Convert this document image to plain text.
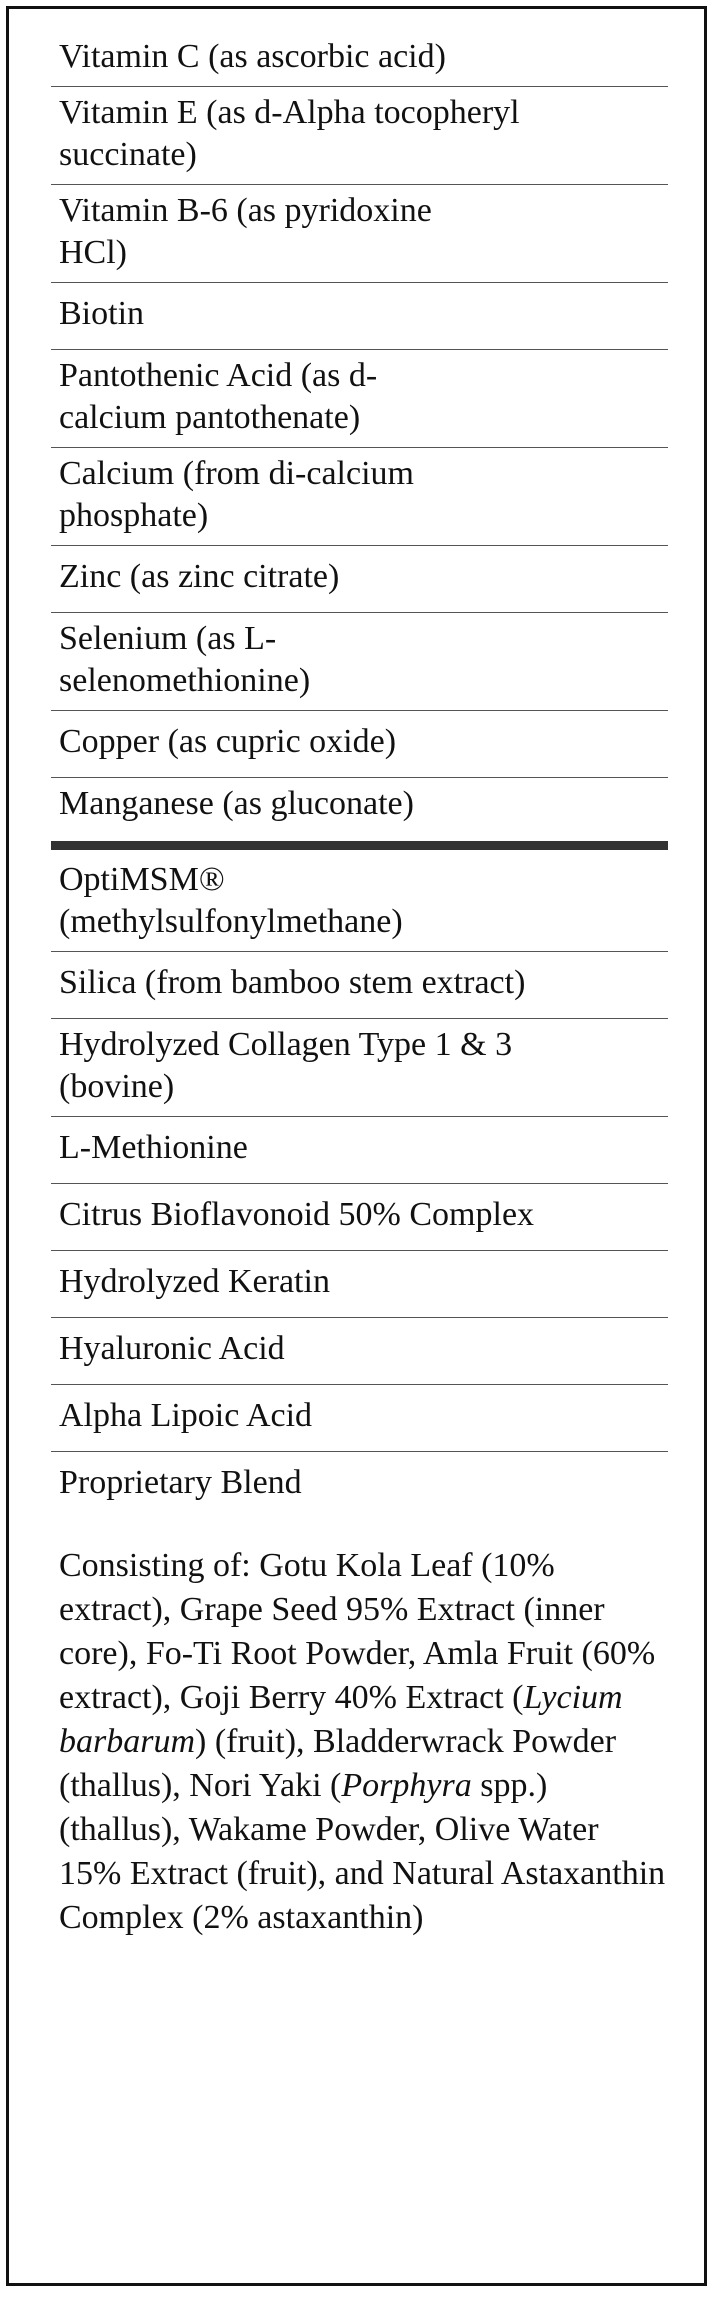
Vitamin C (as ascorbic acid)
Vitamin E (as d-Alpha tocopheryl succinate)
Vitamin B-6 (as pyridoxine HCl)
Biotin
Pantothenic Acid (as d-calcium pantothenate)
Calcium (from di-calcium phosphate)
Zinc (as zinc citrate)
Selenium (as L-selenomethionine)
Copper (as cupric oxide)
Manganese (as gluconate)
OptiMSM® (methylsulfonylmethane)
Silica (from bamboo stem extract)
Hydrolyzed Collagen Type 1 & 3 (bovine)
L-Methionine
Citrus Bioflavonoid 50% Complex
Hydrolyzed Keratin
Hyaluronic Acid
Alpha Lipoic Acid
Proprietary Blend
Consisting of: Gotu Kola Leaf (10% extract), Grape Seed 95% Extract (inner core), Fo-Ti Root Powder, Amla Fruit (60% extract), Goji Berry 40% Extract (Lycium barbarum) (fruit), Bladderwrack Powder (thallus), Nori Yaki (Porphyra spp.) (thallus), Wakame Powder, Olive Water 15% Extract (fruit), and Natural Astaxanthin Complex (2% astaxanthin)
